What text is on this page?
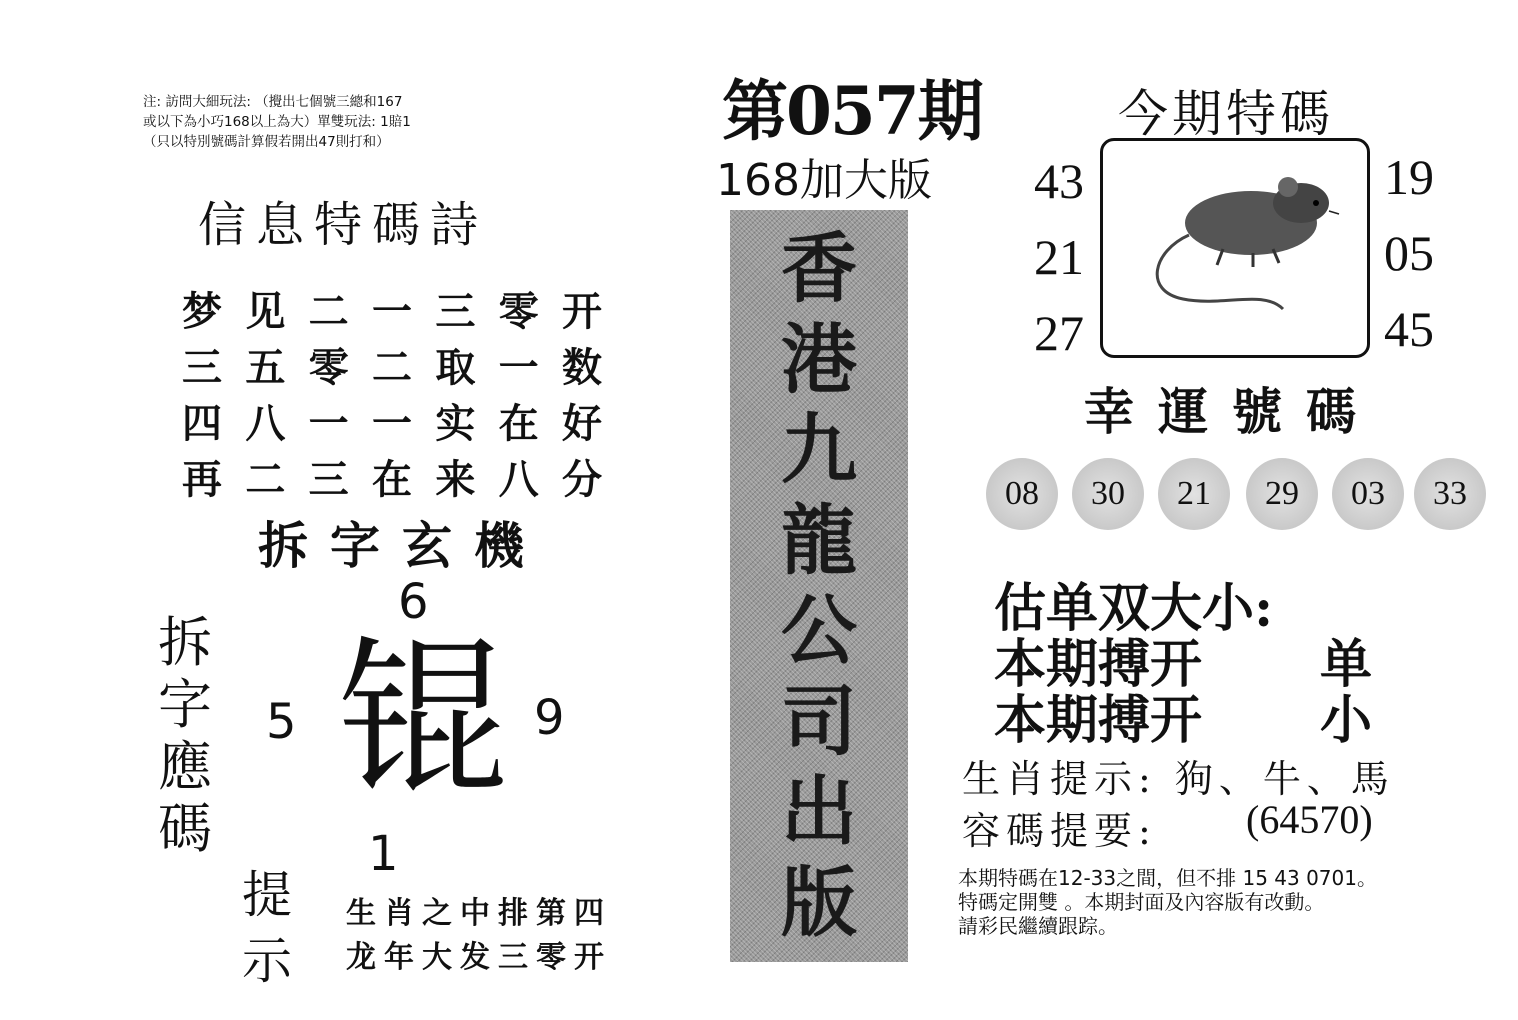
注: 訪問大細玩法: （攪出七個號三總和167
或以下為小巧168以上為大）單雙玩法: 1賠1
（只以特別號碼計算假若開出47則打和）
信息特碼詩
梦 见 二 一 三 零 开
三 五 零 二 取 一 数
四 八 一 一 实 在 好
再 二 三 在 来 八 分
拆字玄機
6
5	9
1
锟
拆
字
應
碼
提
示
生肖之中排第四
龙年大发三零开
第057期
168加大版
香
港
九
龍
公
司
出
版
今期特碼
43
21
27
19
05
45
幸運號碼
08	30	21	29	03	33
估单双大小:
本期搏开 单
本期搏开 小
生肖提示: 狗、牛、馬
容碼提要: (64570)
本期特碼在12-33之間，但不排 15 43 0701。
特碼定開雙 。本期封面及內容版有改動。
請彩民繼續跟踪。
